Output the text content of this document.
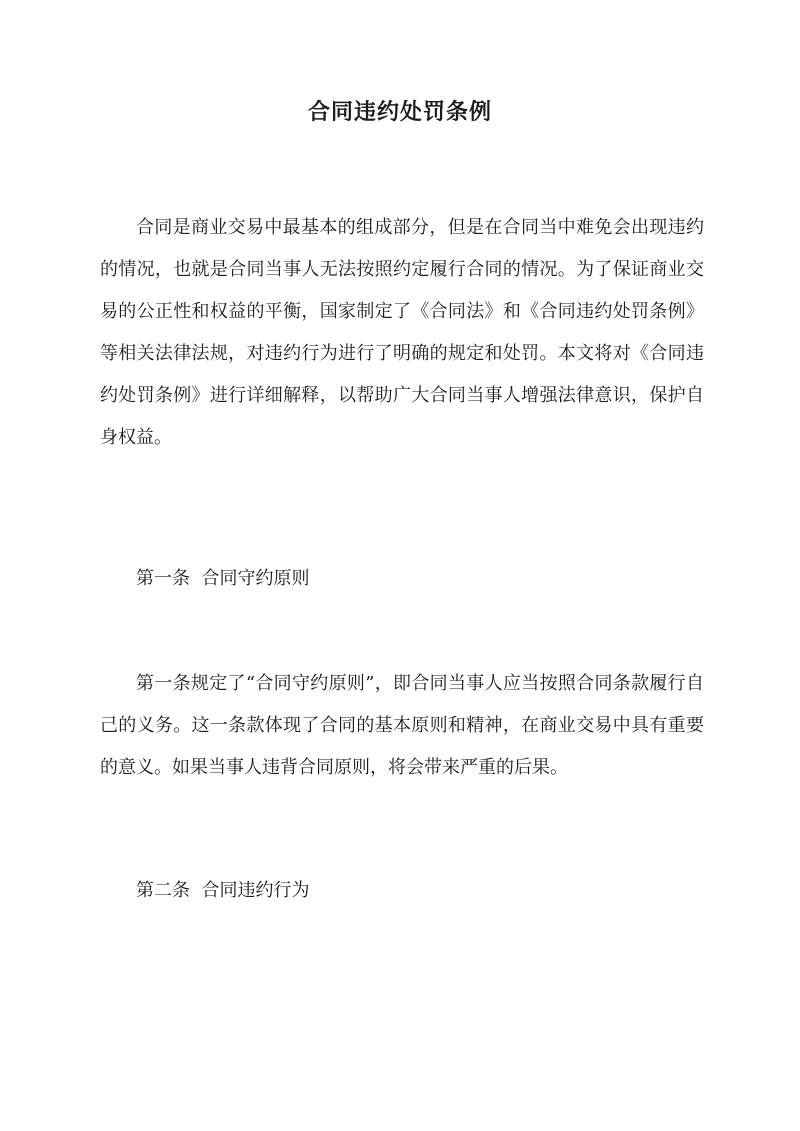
合同违约处罚条例

合同是商业交易中最基本的组成部分，但是在合同当中难免会出现违约的情况，也就是合同当事人无法按照约定履行合同的情况。为了保证商业交易的公正性和权益的平衡，国家制定了《合同法》和《合同违约处罚条例》等相关法律法规，对违约行为进行了明确的规定和处罚。本文将对《合同违约处罚条例》进行详细解释，以帮助广大合同当事人增强法律意识，保护自身权益。

第一条  合同守约原则

第一条规定了“合同守约原则”，即合同当事人应当按照合同条款履行自己的义务。这一条款体现了合同的基本原则和精神，在商业交易中具有重要的意义。如果当事人违背合同原则，将会带来严重的后果。

第二条  合同违约行为
